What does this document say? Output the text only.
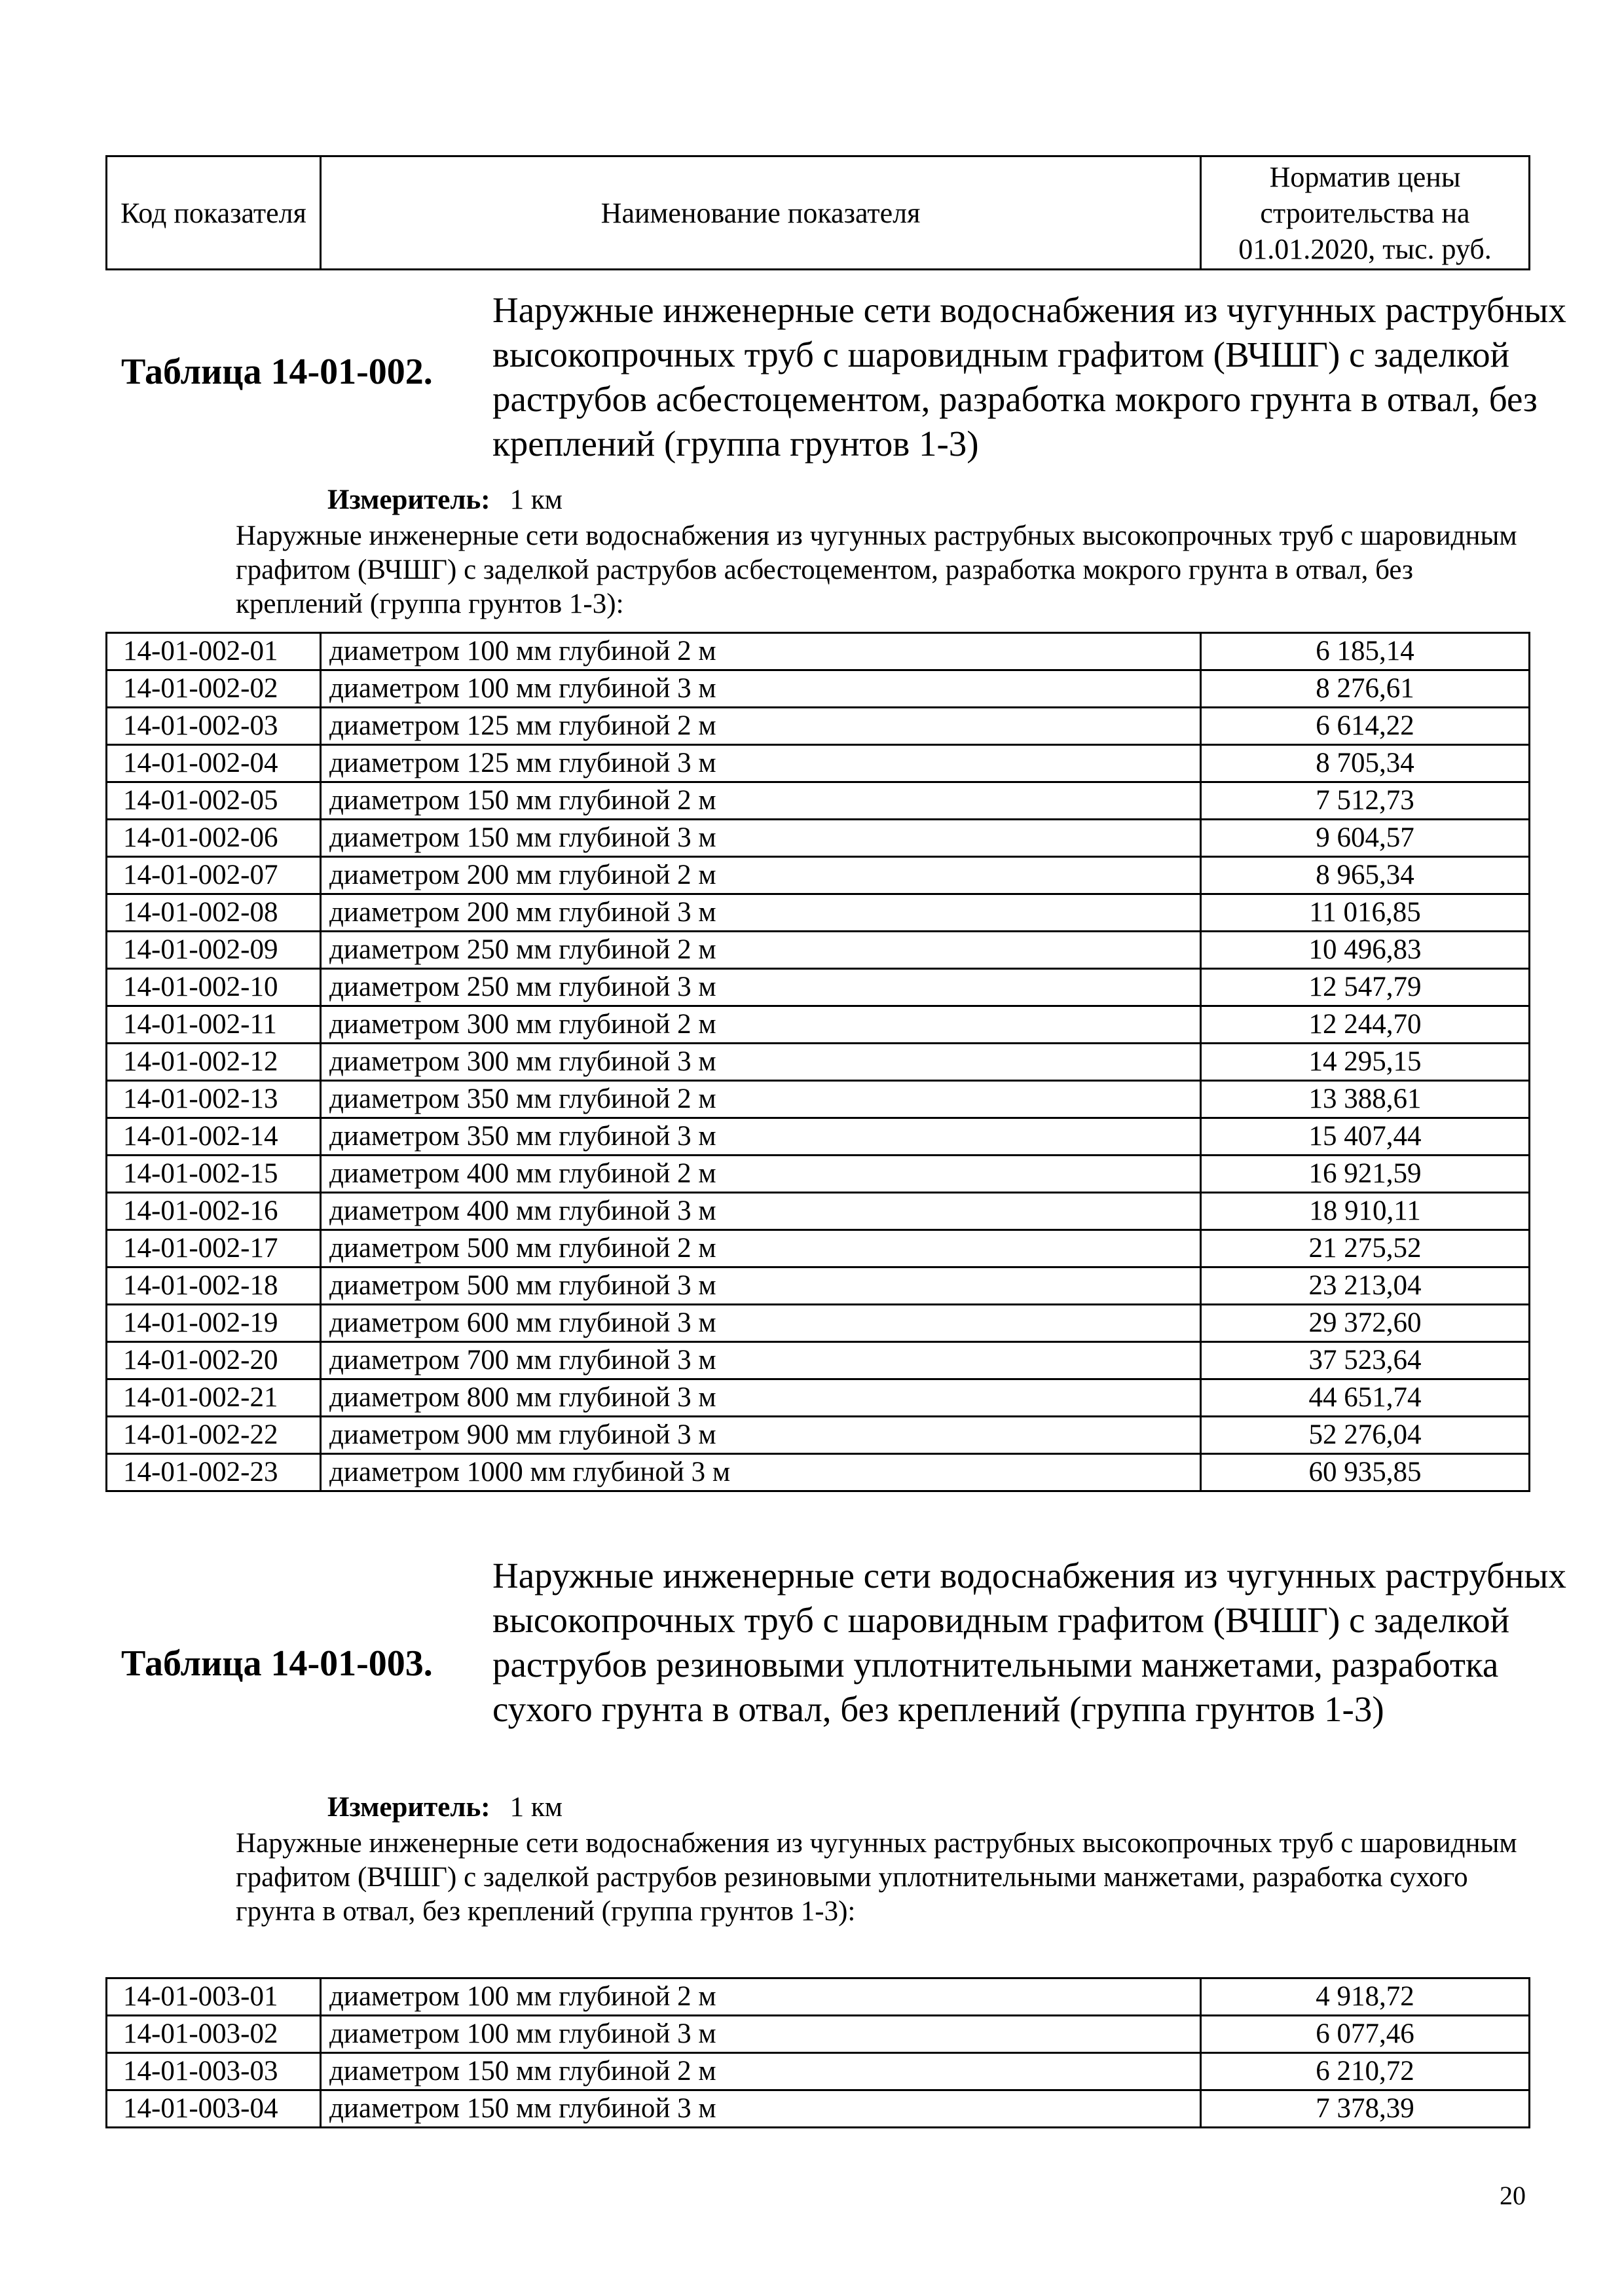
Код показателя	Наименование показателя	Норматив цены строительства на 01.01.2020, тыс. руб.
Таблица 14-01-002.
Наружные инженерные сети водоснабжения из чугунных раструбных высокопрочных труб с шаровидным графитом (ВЧШГ) с заделкой раструбов асбестоцементом, разработка мокрого грунта в отвал, без креплений (группа грунтов 1-3)
Измеритель: 1 км
Наружные инженерные сети водоснабжения из чугунных раструбных высокопрочных труб с шаровидным графитом (ВЧШГ) с заделкой раструбов асбестоцементом, разработка мокрого грунта в отвал, без креплений (группа грунтов 1-3):
14-01-002-01	диаметром 100 мм глубиной 2 м	6 185,14
14-01-002-02	диаметром 100 мм глубиной 3 м	8 276,61
14-01-002-03	диаметром 125 мм глубиной 2 м	6 614,22
14-01-002-04	диаметром 125 мм глубиной 3 м	8 705,34
14-01-002-05	диаметром 150 мм глубиной 2 м	7 512,73
14-01-002-06	диаметром 150 мм глубиной 3 м	9 604,57
14-01-002-07	диаметром 200 мм глубиной 2 м	8 965,34
14-01-002-08	диаметром 200 мм глубиной 3 м	11 016,85
14-01-002-09	диаметром 250 мм глубиной 2 м	10 496,83
14-01-002-10	диаметром 250 мм глубиной 3 м	12 547,79
14-01-002-11	диаметром 300 мм глубиной 2 м	12 244,70
14-01-002-12	диаметром 300 мм глубиной 3 м	14 295,15
14-01-002-13	диаметром 350 мм глубиной 2 м	13 388,61
14-01-002-14	диаметром 350 мм глубиной 3 м	15 407,44
14-01-002-15	диаметром 400 мм глубиной 2 м	16 921,59
14-01-002-16	диаметром 400 мм глубиной 3 м	18 910,11
14-01-002-17	диаметром 500 мм глубиной 2 м	21 275,52
14-01-002-18	диаметром 500 мм глубиной 3 м	23 213,04
14-01-002-19	диаметром 600 мм глубиной 3 м	29 372,60
14-01-002-20	диаметром 700 мм глубиной 3 м	37 523,64
14-01-002-21	диаметром 800 мм глубиной 3 м	44 651,74
14-01-002-22	диаметром 900 мм глубиной 3 м	52 276,04
14-01-002-23	диаметром 1000 мм глубиной 3 м	60 935,85
Таблица 14-01-003.
Наружные инженерные сети водоснабжения из чугунных раструбных высокопрочных труб с шаровидным графитом (ВЧШГ) с заделкой раструбов резиновыми уплотнительными манжетами, разработка сухого грунта в отвал, без креплений (группа грунтов 1-3)
Измеритель: 1 км
Наружные инженерные сети водоснабжения из чугунных раструбных высокопрочных труб с шаровидным графитом (ВЧШГ) с заделкой раструбов резиновыми уплотнительными манжетами, разработка сухого грунта в отвал, без креплений (группа грунтов 1-3):
14-01-003-01	диаметром 100 мм глубиной 2 м	4 918,72
14-01-003-02	диаметром 100 мм глубиной 3 м	6 077,46
14-01-003-03	диаметром 150 мм глубиной 2 м	6 210,72
14-01-003-04	диаметром 150 мм глубиной 3 м	7 378,39
20
